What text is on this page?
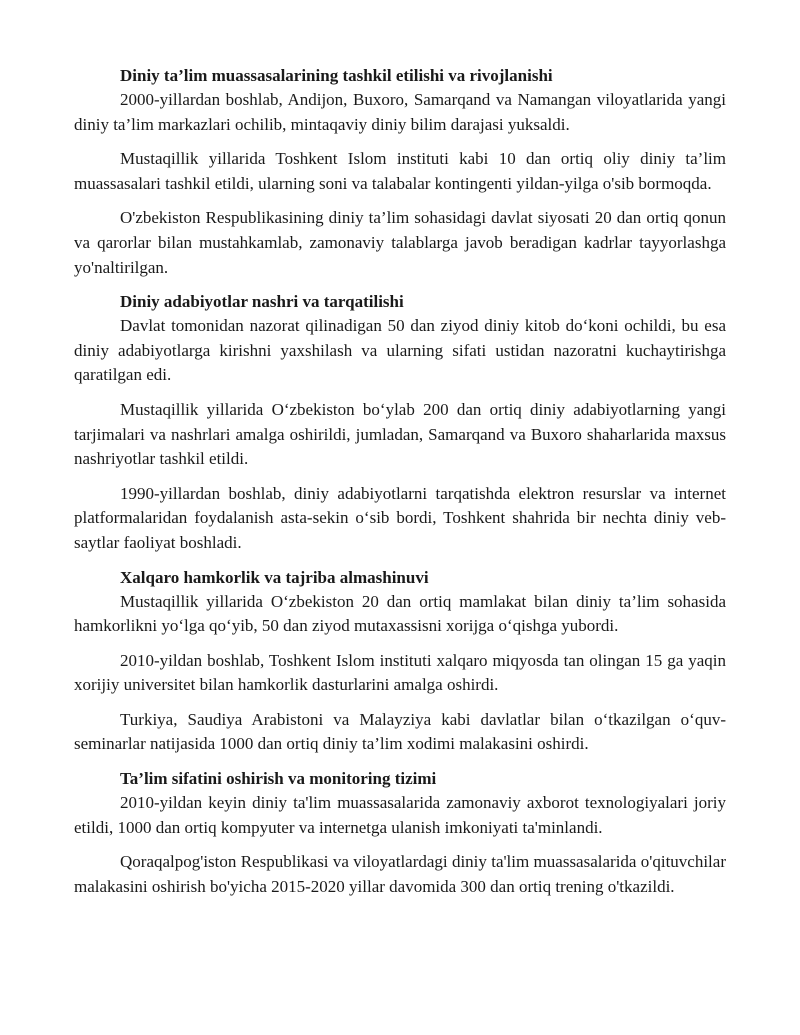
Diniy ta’lim muassasalarining tashkil etilishi va rivojlanishi

2000-yillardan boshlab, Andijon, Buxoro, Samarqand va Namangan viloyatlarida yangi diniy ta’lim markazlari ochilib, mintaqaviy diniy bilim darajasi yuksaldi.

Mustaqillik yillarida Toshkent Islom instituti kabi 10 dan ortiq oliy diniy ta’lim muassasalari tashkil etildi, ularning soni va talabalar kontingenti yildan-yilga o'sib bormoqda.

O'zbekiston Respublikasining diniy ta’lim sohasidagi davlat siyosati 20 dan ortiq qonun va qarorlar bilan mustahkamlab, zamonaviy talablarga javob beradigan kadrlar tayyorlashga yo'naltirilgan.

Diniy adabiyotlar nashri va tarqatilishi

Davlat tomonidan nazorat qilinadigan 50 dan ziyod diniy kitob do‘koni ochildi, bu esa diniy adabiyotlarga kirishni yaxshilash va ularning sifati ustidan nazoratni kuchaytirishga qaratilgan edi.

Mustaqillik yillarida O‘zbekiston bo‘ylab 200 dan ortiq diniy adabiyotlarning yangi tarjimalari va nashrlari amalga oshirildi, jumladan, Samarqand va Buxoro shaharlarida maxsus nashriyotlar tashkil etildi.

1990-yillardan boshlab, diniy adabiyotlarni tarqatishda elektron resurslar va internet platformalaridan foydalanish asta-sekin o‘sib bordi, Toshkent shahrida bir nechta diniy veb-saytlar faoliyat boshladi.

Xalqaro hamkorlik va tajriba almashinuvi

Mustaqillik yillarida O‘zbekiston 20 dan ortiq mamlakat bilan diniy ta’lim sohasida hamkorlikni yo‘lga qo‘yib, 50 dan ziyod mutaxassisni xorijga o‘qishga yubordi.

2010-yildan boshlab, Toshkent Islom instituti xalqaro miqyosda tan olingan 15 ga yaqin xorijiy universitet bilan hamkorlik dasturlarini amalga oshirdi.

Turkiya, Saudiya Arabistoni va Malayziya kabi davlatlar bilan o‘tkazilgan o‘quv-seminarlar natijasida 1000 dan ortiq diniy ta’lim xodimi malakasini oshirdi.

Ta’lim sifatini oshirish va monitoring tizimi

2010-yildan keyin diniy ta'lim muassasalarida zamonaviy axborot texnologiyalari joriy etildi, 1000 dan ortiq kompyuter va internetga ulanish imkoniyati ta'minlandi.

Qoraqalpog'iston Respublikasi va viloyatlardagi diniy ta'lim muassasalarida o'qituvchilar malakasini oshirish bo'yicha 2015-2020 yillar davomida 300 dan ortiq trening o'tkazildi.
